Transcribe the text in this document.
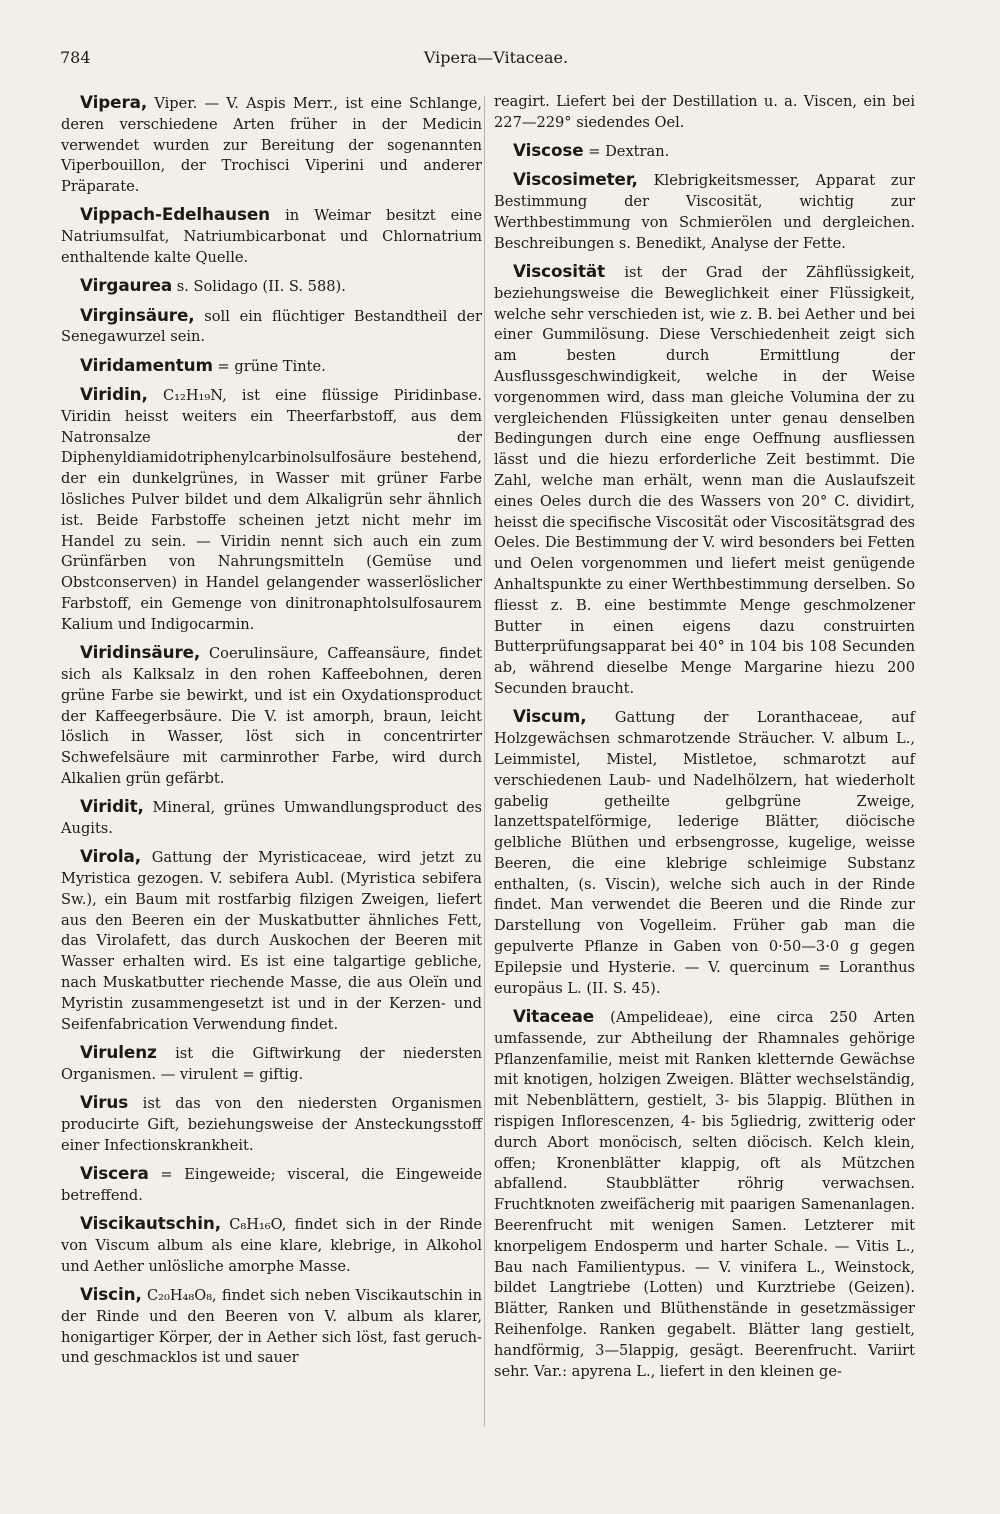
784	Vipera—Vitaceae.

Vipera, Viper. — V. Aspis Merr., ist eine Schlange, deren verschiedene Arten früher in der Medicin verwendet wurden zur Bereitung der sogenannten Viperbouillon, der Trochisci Viperini und anderer Präparate.

Vippach-Edelhausen in Weimar besitzt eine Natriumsulfat, Natriumbicarbonat und Chlornatrium enthaltende kalte Quelle.

Virgaurea s. Solidago (II. S. 588).

Virginsäure, soll ein flüchtiger Bestandtheil der Senegawurzel sein.

Viridamentum = grüne Tinte.

Viridin, C₁₂H₁₉N, ist eine flüssige Piridinbase. Viridin heisst weiters ein Theerfarbstoff, aus dem Natronsalze der Diphenyldiamidotriphenylcarbinolsulfosäure bestehend, der ein dunkelgrünes, in Wasser mit grüner Farbe lösliches Pulver bildet und dem Alkaligrün sehr ähnlich ist. Beide Farbstoffe scheinen jetzt nicht mehr im Handel zu sein. — Viridin nennt sich auch ein zum Grünfärben von Nahrungsmitteln (Gemüse und Obstconserven) in Handel gelangender wasserlöslicher Farbstoff, ein Gemenge von dinitronaphtolsulfosaurem Kalium und Indigocarmin.

Viridinsäure, Coerulinsäure, Caffeansäure, findet sich als Kalksalz in den rohen Kaffeebohnen, deren grüne Farbe sie bewirkt, und ist ein Oxydationsproduct der Kaffeegerbsäure. Die V. ist amorph, braun, leicht löslich in Wasser, löst sich in concentrirter Schwefelsäure mit carminrother Farbe, wird durch Alkalien grün gefärbt.

Viridit, Mineral, grünes Umwandlungsproduct des Augits.

Virola, Gattung der Myristicaceae, wird jetzt zu Myristica gezogen. V. sebifera Aubl. (Myristica sebifera Sw.), ein Baum mit rostfarbig filzigen Zweigen, liefert aus den Beeren ein der Muskatbutter ähnliches Fett, das Virolafett, das durch Auskochen der Beeren mit Wasser erhalten wird. Es ist eine talgartige gebliche, nach Muskatbutter riechende Masse, die aus Oleïn und Myristin zusammengesetzt ist und in der Kerzen- und Seifenfabrication Verwendung findet.

Virulenz ist die Giftwirkung der niedersten Organismen. — virulent = giftig.

Virus ist das von den niedersten Organismen producirte Gift, beziehungsweise der Ansteckungsstoff einer Infectionskrankheit.

Viscera = Eingeweide; visceral, die Eingeweide betreffend.

Viscikautschin, C₈H₁₆O, findet sich in der Rinde von Viscum album als eine klare, klebrige, in Alkohol und Aether unlösliche amorphe Masse.

Viscin, C₂₀H₄₈O₈, findet sich neben Viscikautschin in der Rinde und den Beeren von V. album als klarer, honigartiger Körper, der in Aether sich löst, fast geruch- und geschmacklos ist und sauer

reagirt. Liefert bei der Destillation u. a. Viscen, ein bei 227—229° siedendes Oel.

Viscose = Dextran.

Viscosimeter, Klebrigkeitsmesser, Apparat zur Bestimmung der Viscosität, wichtig zur Werthbestimmung von Schmierölen und dergleichen. Beschreibungen s. Benedikt, Analyse der Fette.

Viscosität ist der Grad der Zähflüssigkeit, beziehungsweise die Beweglichkeit einer Flüssigkeit, welche sehr verschieden ist, wie z. B. bei Aether und bei einer Gummilösung. Diese Verschiedenheit zeigt sich am besten durch Ermittlung der Ausflussgeschwindigkeit, welche in der Weise vorgenommen wird, dass man gleiche Volumina der zu vergleichenden Flüssigkeiten unter genau denselben Bedingungen durch eine enge Oeffnung ausfliessen lässt und die hiezu erforderliche Zeit bestimmt. Die Zahl, welche man erhält, wenn man die Auslaufszeit eines Oeles durch die des Wassers von 20° C. dividirt, heisst die specifische Viscosität oder Viscositätsgrad des Oeles. Die Bestimmung der V. wird besonders bei Fetten und Oelen vorgenommen und liefert meist genügende Anhaltspunkte zu einer Werthbestimmung derselben. So fliesst z. B. eine bestimmte Menge geschmolzener Butter in einen eigens dazu construirten Butterprüfungsapparat bei 40° in 104 bis 108 Secunden ab, während dieselbe Menge Margarine hiezu 200 Secunden braucht.

Viscum, Gattung der Loranthaceae, auf Holzgewächsen schmarotzende Sträucher. V. album L., Leimmistel, Mistel, Mistletoe, schmarotzt auf verschiedenen Laub- und Nadelhölzern, hat wiederholt gabelig getheilte gelbgrüne Zweige, lanzettspatelförmige, lederige Blätter, diöcische gelbliche Blüthen und erbsengrosse, kugelige, weisse Beeren, die eine klebrige schleimige Substanz enthalten, (s. Viscin), welche sich auch in der Rinde findet. Man verwendet die Beeren und die Rinde zur Darstellung von Vogelleim. Früher gab man die gepulverte Pflanze in Gaben von 0·50—3·0 g gegen Epilepsie und Hysterie. — V. quercinum = Loranthus europäus L. (II. S. 45).

Vitaceae (Ampelideae), eine circa 250 Arten umfassende, zur Abtheilung der Rhamnales gehörige Pflanzenfamilie, meist mit Ranken kletternde Gewächse mit knotigen, holzigen Zweigen. Blätter wechselständig, mit Nebenblättern, gestielt, 3- bis 5lappig. Blüthen in rispigen Inflorescenzen, 4- bis 5gliedrig, zwitterig oder durch Abort monöcisch, selten diöcisch. Kelch klein, offen; Kronenblätter klappig, oft als Mützchen abfallend. Staubblätter röhrig verwachsen. Fruchtknoten zweifächerig mit paarigen Samenanlagen. Beerenfrucht mit wenigen Samen. Letzterer mit knorpeligem Endosperm und harter Schale. — Vitis L., Bau nach Familientypus. — V. vinifera L., Weinstock, bildet Langtriebe (Lotten) und Kurztriebe (Geizen). Blätter, Ranken und Blüthenstände in gesetzmässiger Reihenfolge. Ranken gegabelt. Blätter lang gestielt, handförmig, 3—5lappig, gesägt. Beerenfrucht. Variirt sehr. Var.: apyrena L., liefert in den kleinen ge-
